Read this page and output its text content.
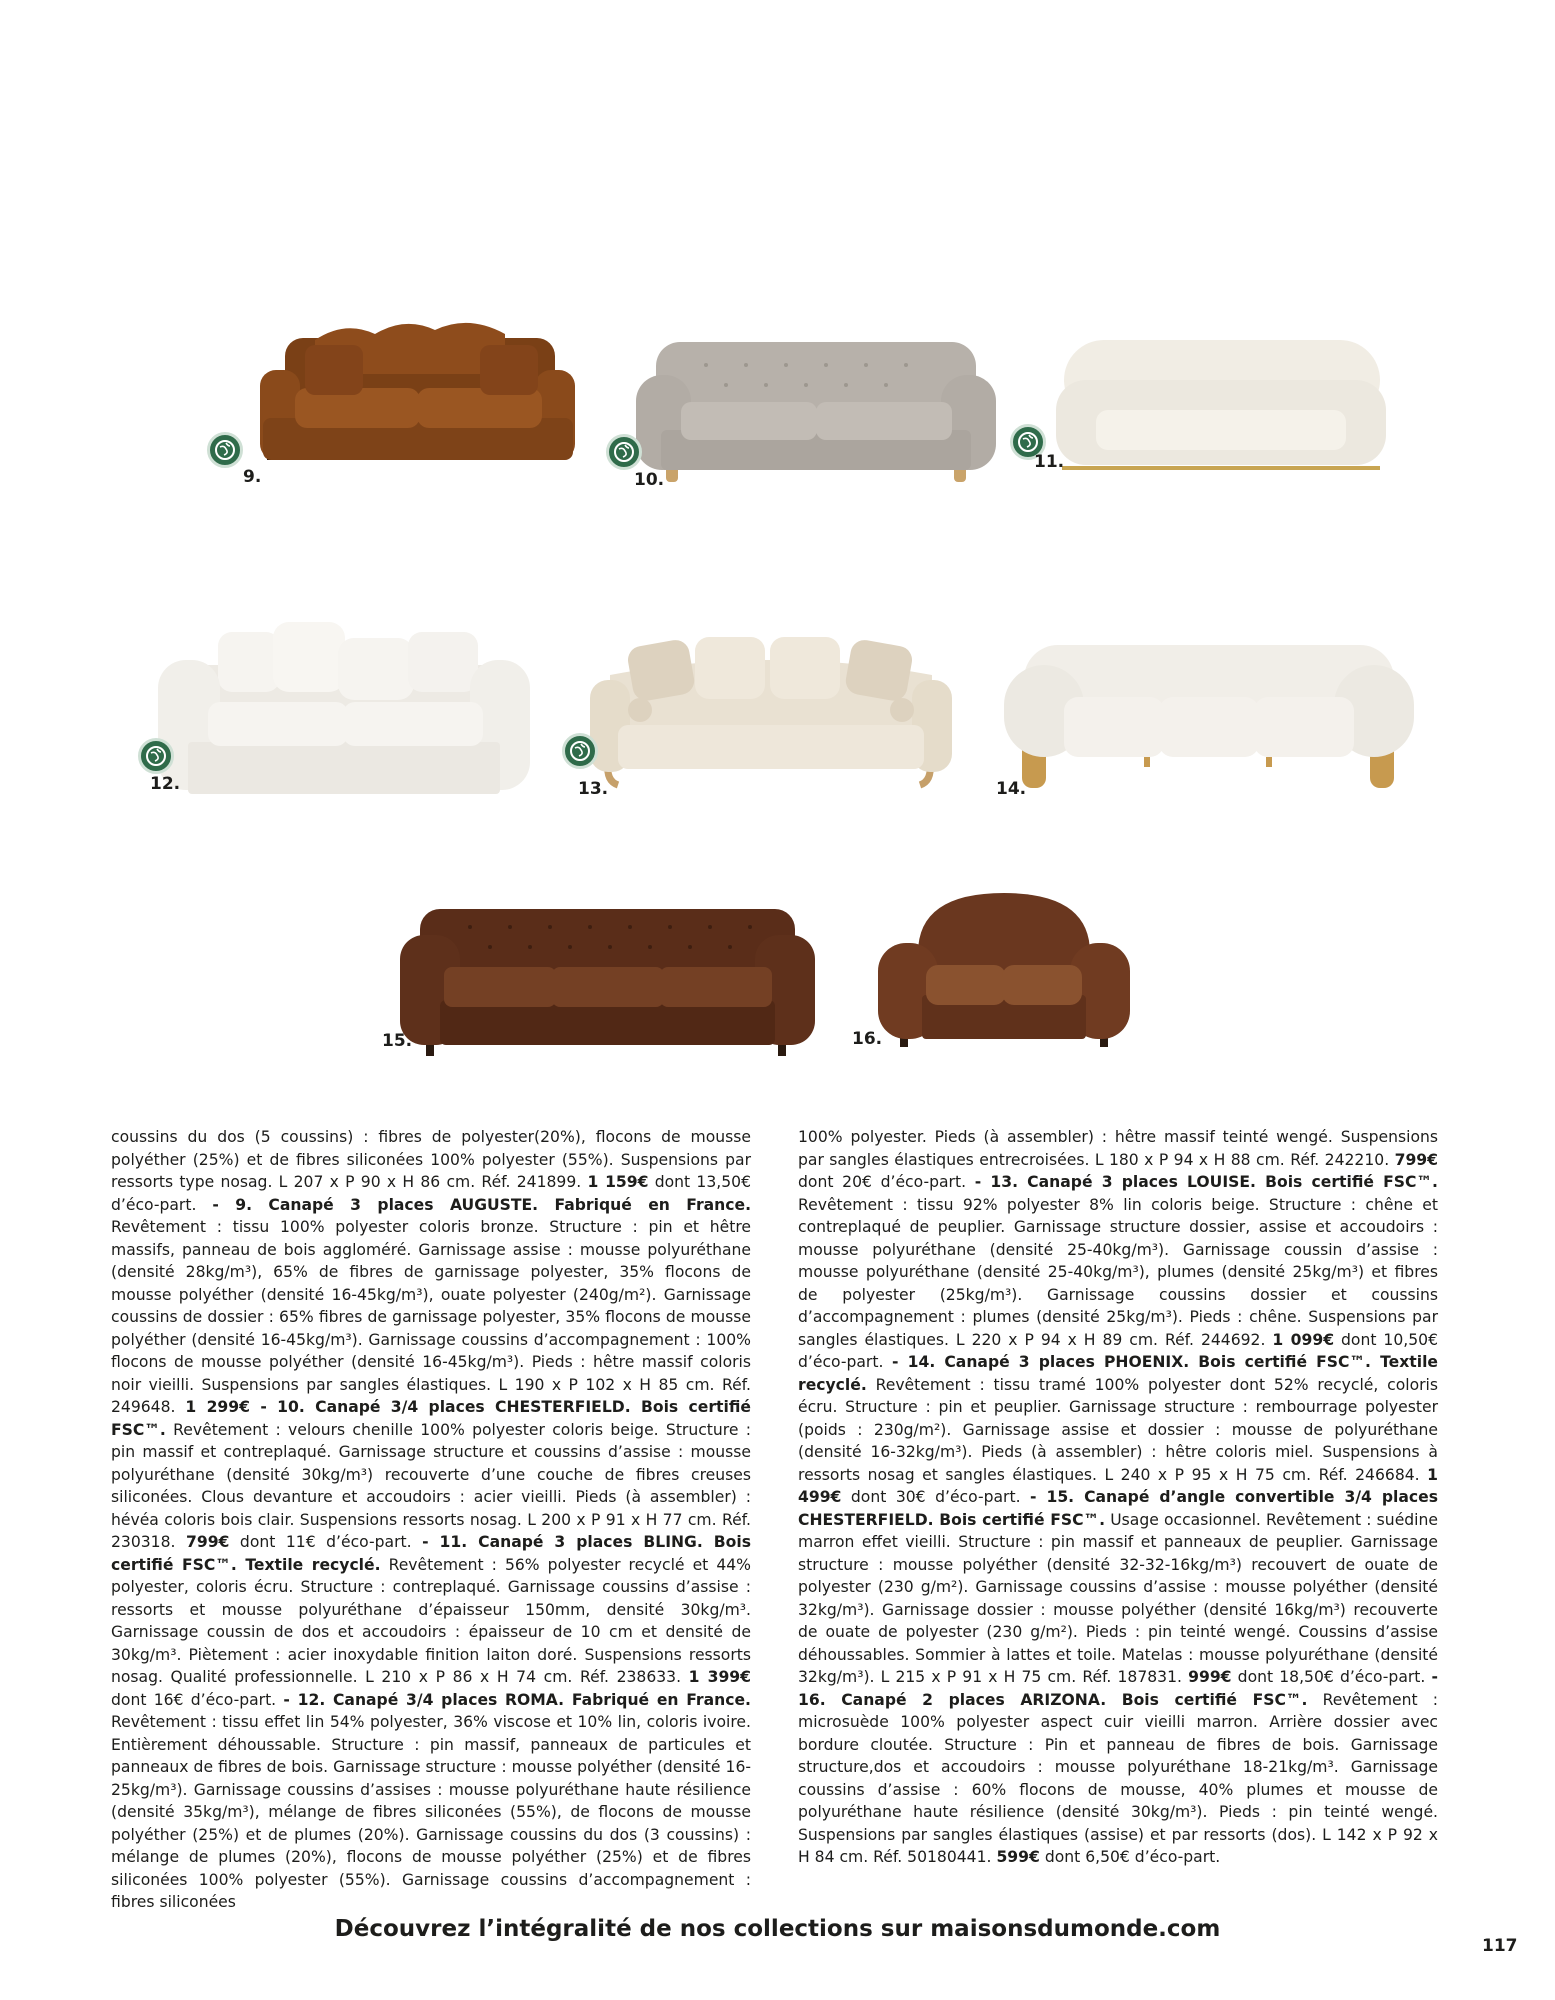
9.	10.
11.
12.	13.	14.
15.	16.
coussins du dos (5 coussins) : fibres de polyester(20%), flocons de mousse polyéther (25%) et de fibres siliconées 100% polyester (55%). Suspensions par ressorts type nosag. L 207 x P 90 x H 86 cm. Réf. 241899. 1 159€ dont 13,50€ d’éco-part. - 9. Canapé 3 places AUGUSTE. Fabriqué en France. Revêtement : tissu 100% polyester coloris bronze. Structure : pin et hêtre massifs, panneau de bois aggloméré. Garnissage assise : mousse polyuréthane (densité 28kg/m³), 65% de fibres de garnissage polyester, 35% flocons de mousse polyéther (densité 16-45kg/m³), ouate polyester (240g/m²). Garnissage coussins de dossier : 65% fibres de garnissage polyester, 35% flocons de mousse polyéther (densité 16-45kg/m³). Garnissage coussins d’accompagnement : 100% flocons de mousse polyéther (densité 16-45kg/m³). Pieds : hêtre massif coloris noir vieilli. Suspensions par sangles élastiques. L 190 x P 102 x H 85 cm. Réf. 249648. 1 299€ - 10. Canapé 3/4 places CHESTERFIELD. Bois certifié FSC™. Revêtement : velours chenille 100% polyester coloris beige. Structure : pin massif et contreplaqué. Garnissage structure et coussins d’assise : mousse polyuréthane (densité 30kg/m³) recouverte d’une couche de fibres creuses siliconées. Clous devanture et accoudoirs : acier vieilli. Pieds (à assembler) : hévéa coloris bois clair. Suspensions ressorts nosag. L 200 x P 91 x H 77 cm. Réf. 230318. 799€ dont 11€ d’éco-part. - 11. Canapé 3 places BLING. Bois certifié FSC™. Textile recyclé. Revêtement : 56% polyester recyclé et 44% polyester, coloris écru. Structure : contreplaqué. Garnissage coussins d’assise : ressorts et mousse polyuréthane d’épaisseur 150mm, densité 30kg/m³. Garnissage coussin de dos et accoudoirs : épaisseur de 10 cm et densité de 30kg/m³. Piètement : acier inoxydable finition laiton doré. Suspensions ressorts nosag. Qualité professionnelle. L 210 x P 86 x H 74 cm. Réf. 238633. 1 399€ dont 16€ d’éco-part. - 12. Canapé 3/4 places ROMA. Fabriqué en France. Revêtement : tissu effet lin 54% polyester, 36% viscose et 10% lin, coloris ivoire. Entièrement déhoussable. Structure : pin massif, panneaux de particules et panneaux de fibres de bois. Garnissage structure : mousse polyéther (densité 16-25kg/m³). Garnissage coussins d’assises : mousse polyuréthane haute résilience (densité 35kg/m³), mélange de fibres siliconées (55%), de flocons de mousse polyéther (25%) et de plumes (20%). Garnissage coussins du dos (3 coussins) : mélange de plumes (20%), flocons de mousse polyéther (25%) et de fibres siliconées 100% polyester (55%). Garnissage coussins d’accompagnement : fibres siliconées
100% polyester. Pieds (à assembler) : hêtre massif teinté wengé. Suspensions par sangles élastiques entrecroisées. L 180 x P 94 x H 88 cm. Réf. 242210. 799€ dont 20€ d’éco-part. - 13. Canapé 3 places LOUISE. Bois certifié FSC™. Revêtement : tissu 92% polyester 8% lin coloris beige. Structure : chêne et contreplaqué de peuplier. Garnissage structure dossier, assise et accoudoirs : mousse polyuréthane (densité 25-40kg/m³). Garnissage coussin d’assise : mousse polyuréthane (densité 25-40kg/m³), plumes (densité 25kg/m³) et fibres de polyester (25kg/m³). Garnissage coussins dossier et coussins d’accompagnement : plumes (densité 25kg/m³). Pieds : chêne. Suspensions par sangles élastiques. L 220 x P 94 x H 89 cm. Réf. 244692. 1 099€ dont 10,50€ d’éco-part. - 14. Canapé 3 places PHOENIX. Bois certifié FSC™. Textile recyclé. Revêtement : tissu tramé 100% polyester dont 52% recyclé, coloris écru. Structure : pin et peuplier. Garnissage structure : rembourrage polyester (poids : 230g/m²). Garnissage assise et dossier : mousse de polyuréthane (densité 16-32kg/m³). Pieds (à assembler) : hêtre coloris miel. Suspensions à ressorts nosag et sangles élastiques. L 240 x P 95 x H 75 cm. Réf. 246684. 1 499€ dont 30€ d’éco-part. - 15. Canapé d’angle convertible 3/4 places CHESTERFIELD. Bois certifié FSC™. Usage occasionnel. Revêtement : suédine marron effet vieilli. Structure : pin massif et panneaux de peuplier. Garnissage structure : mousse polyéther (densité 32-32-16kg/m³) recouvert de ouate de polyester (230 g/m²). Garnissage coussins d’assise : mousse polyéther (densité 32kg/m³). Garnissage dossier : mousse polyéther (densité 16kg/m³) recouverte de ouate de polyester (230 g/m²). Pieds : pin teinté wengé. Coussins d’assise déhoussables. Sommier à lattes et toile. Matelas : mousse polyuréthane (densité 32kg/m³). L 215 x P 91 x H 75 cm. Réf. 187831. 999€ dont 18,50€ d’éco-part. - 16. Canapé 2 places ARIZONA. Bois certifié FSC™. Revêtement : microsuède 100% polyester aspect cuir vieilli marron. Arrière dossier avec bordure cloutée. Structure : Pin et panneau de fibres de bois. Garnissage structure,dos et accoudoirs : mousse polyuréthane 18-21kg/m³. Garnissage coussins d’assise : 60% flocons de mousse, 40% plumes et mousse de polyuréthane haute résilience (densité 30kg/m³). Pieds : pin teinté wengé. Suspensions par sangles élastiques (assise) et par ressorts (dos). L 142 x P 92 x H 84 cm. Réf. 50180441. 599€ dont 6,50€ d’éco-part.
Découvrez l’intégralité de nos collections sur maisonsdumonde.com
117
